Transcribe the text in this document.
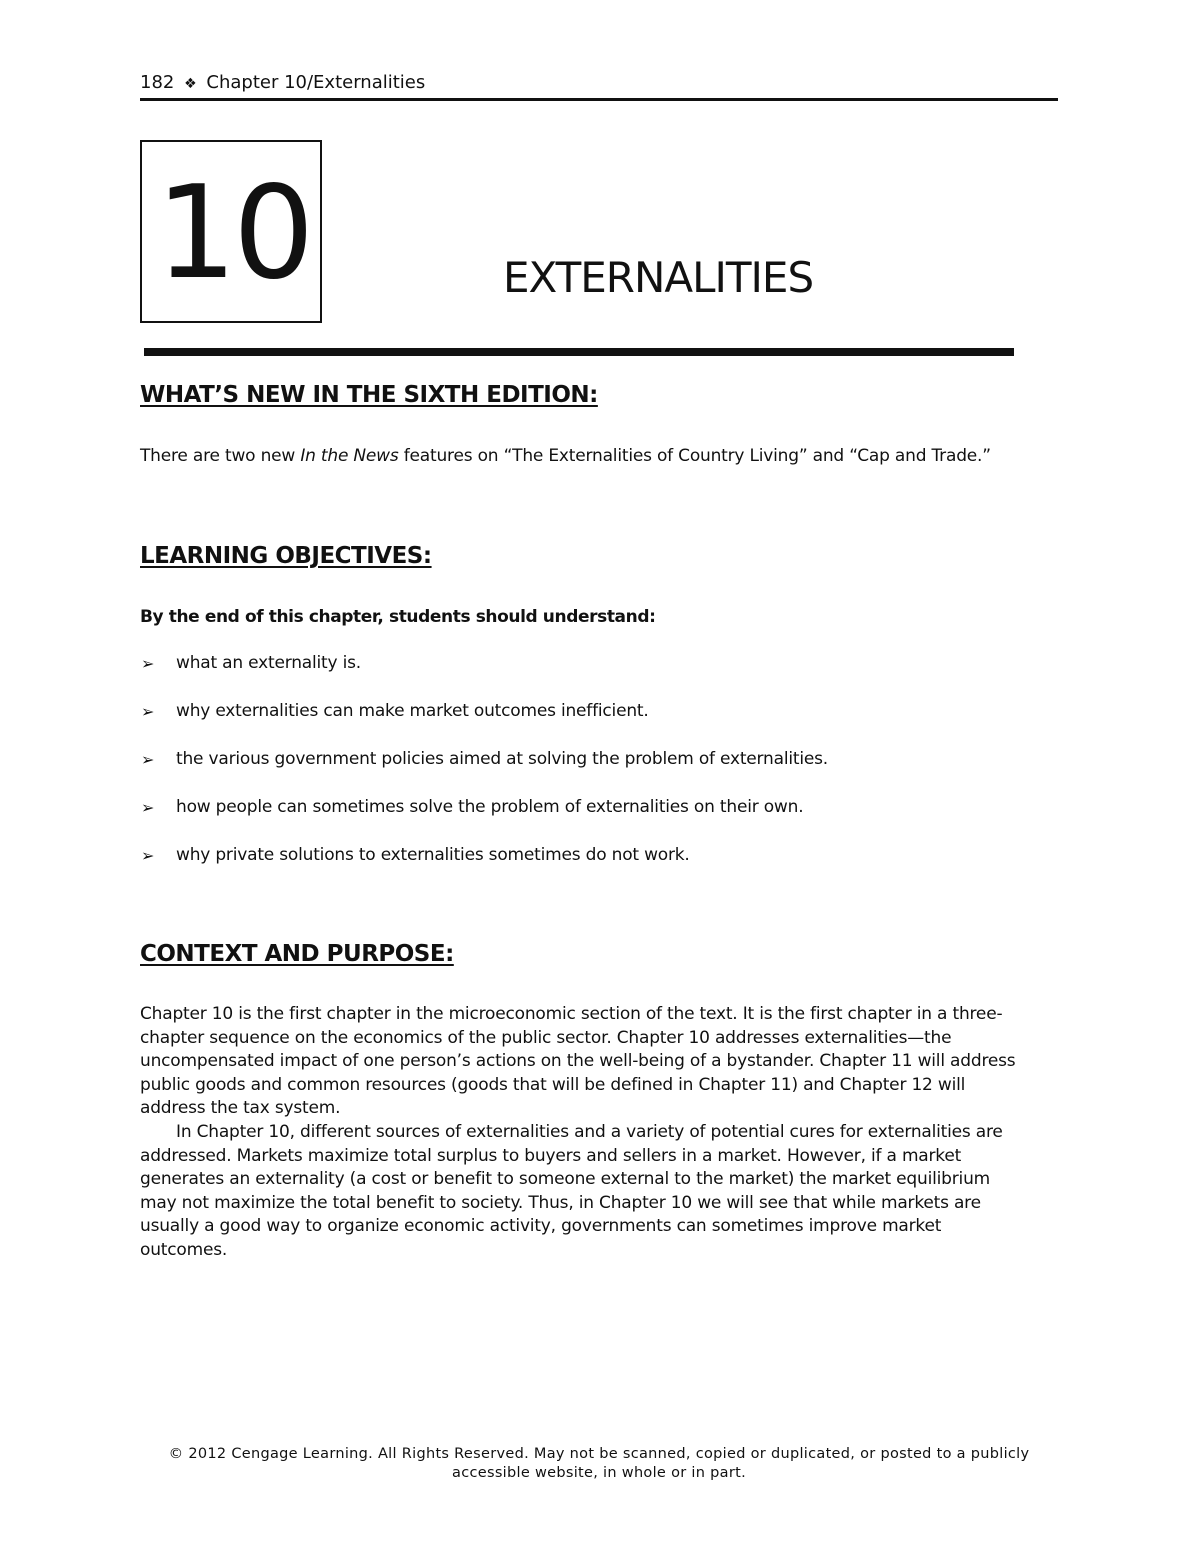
182 ❖ Chapter 10/Externalities
10	EXTERNALITIES
WHAT’S NEW IN THE SIXTH EDITION:
There are two new In the News features on “The Externalities of Country Living” and “Cap and Trade.”
LEARNING OBJECTIVES:
By the end of this chapter, students should understand:
➢ what an externality is.
➢ why externalities can make market outcomes inefficient.
➢ the various government policies aimed at solving the problem of externalities.
➢ how people can sometimes solve the problem of externalities on their own.
➢ why private solutions to externalities sometimes do not work.
CONTEXT AND PURPOSE:
Chapter 10 is the first chapter in the microeconomic section of the text. It is the first chapter in a three-
chapter sequence on the economics of the public sector. Chapter 10 addresses externalities—the
uncompensated impact of one person’s actions on the well-being of a bystander. Chapter 11 will address
public goods and common resources (goods that will be defined in Chapter 11) and Chapter 12 will
address the tax system.
In Chapter 10, different sources of externalities and a variety of potential cures for externalities are
addressed. Markets maximize total surplus to buyers and sellers in a market. However, if a market
generates an externality (a cost or benefit to someone external to the market) the market equilibrium
may not maximize the total benefit to society. Thus, in Chapter 10 we will see that while markets are
usually a good way to organize economic activity, governments can sometimes improve market
outcomes.
© 2012 Cengage Learning. All Rights Reserved. May not be scanned, copied or duplicated, or posted to a publicly
accessible website, in whole or in part.
